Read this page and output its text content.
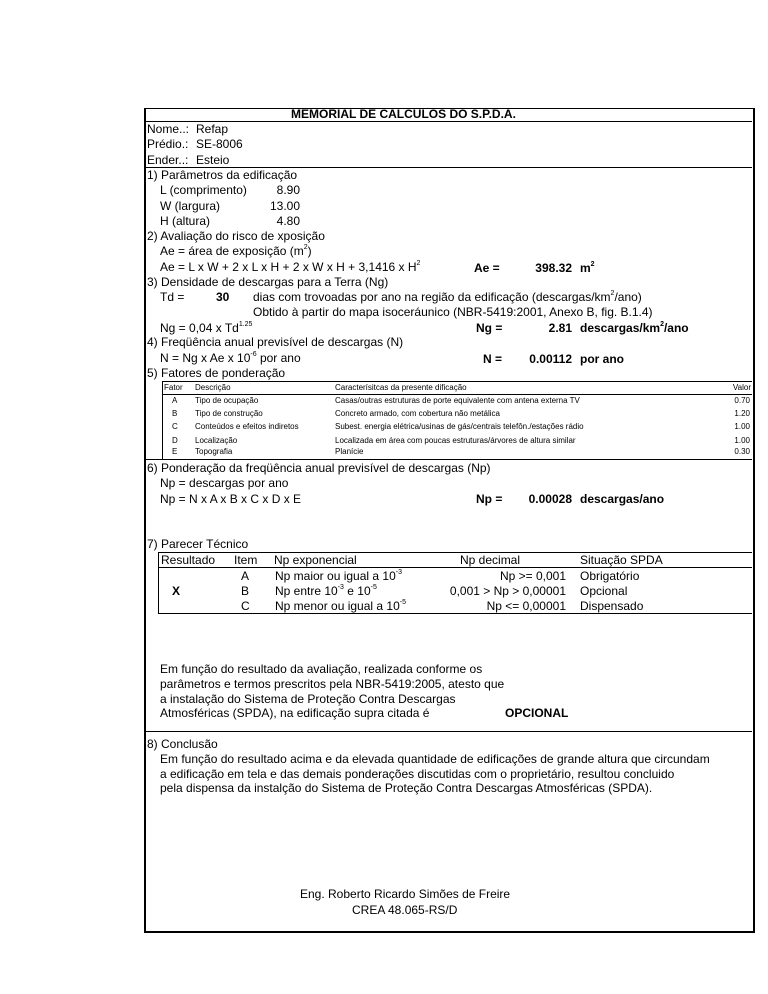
MEMORIAL DE CALCULOS DO S.P.D.A.
Nome..: Refap
Prédio.: SE-8006
Ender..: Esteio
1) Parâmetros da edificação
L (comprimento)	8.90
W (largura)	13.00
H (altura)	4.80
2) Avaliação do risco de xposição
Ae = área de exposição $(m^2)$
Ae = L x W + 2 x L x H + 2 x W x H + 3,1416 x $H^2$	Ae =	398.32 $m^2$
3) Densidade de descargas para a Terra (Ng)
Td =	30 dias com trovoadas por ano na região da edificação $(descargas/km^2/ano)$
Obtido à partir do mapa isoceráunico (NBR-5419:2001, Anexo B, fig. B.1.4)
Ng = 0,04 x $Td^{1.25}$	Ng =	2.81 descargas/$km^2$/ano
4) Freqüência anual previsível de descargas (N)
N = Ng x Ae x $10^{-6}$ por ano	N =	0.00112 por ano
5) Fatores de ponderação
Fator Descrição	Caracterísitcas da presente dificação	Valor
A Tipo de ocupação	Casas/outras estruturas de porte equivalente com antena externa TV	0.70
B Tipo de construção	Concreto armado, com cobertura não metálica	1.20
C Conteúdos e efeitos indiretos	Subest. energia elétrica/usinas de gás/centrais telefôn./estações rádio	1.00
D Localização	Localizada em área com poucas estruturas/árvores de altura similar	1.00
E Topografia	Planície	0.30
6) Ponderação da freqüência anual previsível de descargas (Np)
Np = descargas por ano
Np = N x A x B x C x D x E	Np =	0.00028 descargas/ano
7) Parecer Técnico
Resultado Item Np exponencial	Np decimal	Situação SPDA
A Np maior ou igual a $10^{-3}$	Np >= 0,001 Obrigatório
X	B Np entre $10^{-3}$ e $10^{-5}$	0,001 > Np > 0,00001 Opcional
C Np menor ou igual a $10^{-5}$	Np <= 0,00001 Dispensado
Em função do resultado da avaliação, realizada conforme os
parâmetros e termos prescritos pela NBR-5419:2005, atesto que
a instalação do Sistema de Proteção Contra Descargas
Atmosféricas (SPDA), na edificação supra citada é	OPCIONAL
8) Conclusão
Em função do resultado acima e da elevada quantidade de edificações de grande altura que circundam
a edificação em tela e das demais ponderações discutidas com o proprietário, resultou concluido
pela dispensa da instalção do Sistema de Proteção Contra Descargas Atmosféricas (SPDA).
Eng. Roberto Ricardo Simões de Freire
CREA 48.065-RS/D
